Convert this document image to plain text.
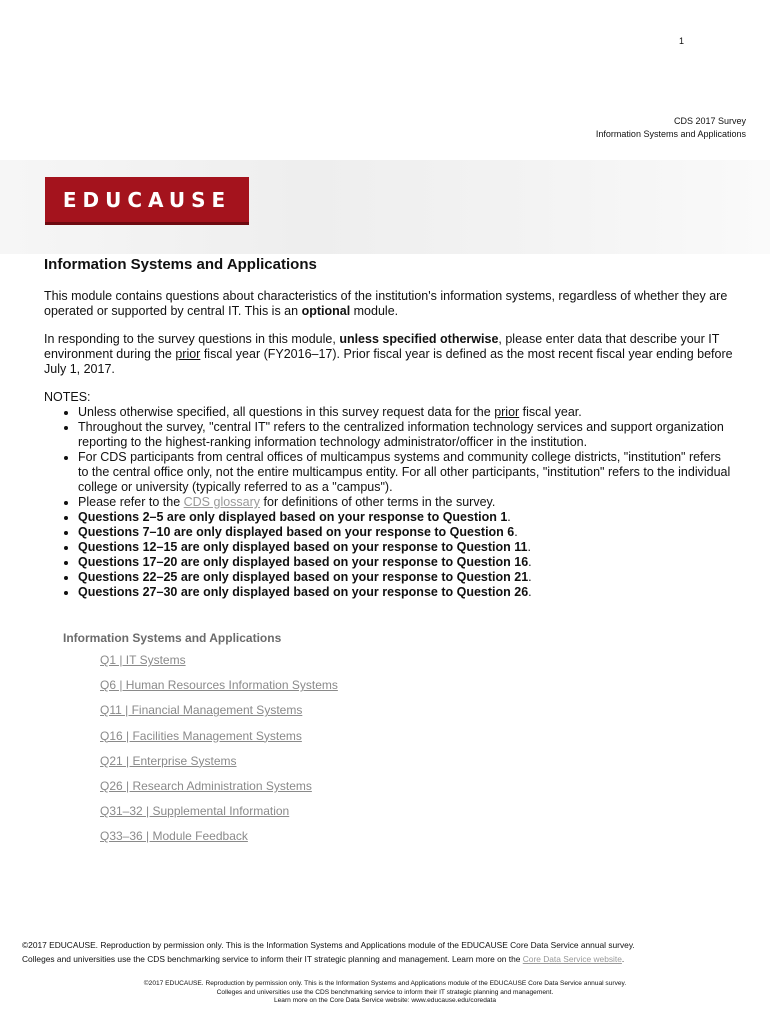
1
CDS 2017 Survey
Information Systems and Applications
EDUCAUSE
Information Systems and Applications

This module contains questions about characteristics of the institution's information systems, regardless of whether they are operated or supported by central IT. This is an optional module.

In responding to the survey questions in this module, unless specified otherwise, please enter data that describe your IT environment during the prior fiscal year (FY2016–17). Prior fiscal year is defined as the most recent fiscal year ending before July 1, 2017.

NOTES:
• Unless otherwise specified, all questions in this survey request data for the prior fiscal year.
• Throughout the survey, "central IT" refers to the centralized information technology services and support organization reporting to the highest-ranking information technology administrator/officer in the institution.
• For CDS participants from central offices of multicampus systems and community college districts, "institution" refers to the central office only, not the entire multicampus entity. For all other participants, "institution" refers to the individual college or university (typically referred to as a "campus").
• Please refer to the CDS glossary for definitions of other terms in the survey.
• Questions 2–5 are only displayed based on your response to Question 1.
• Questions 7–10 are only displayed based on your response to Question 6.
• Questions 12–15 are only displayed based on your response to Question 11.
• Questions 17–20 are only displayed based on your response to Question 16.
• Questions 22–25 are only displayed based on your response to Question 21.
• Questions 27–30 are only displayed based on your response to Question 26.
Information Systems and Applications
Q1 | IT Systems
Q6 | Human Resources Information Systems
Q11 | Financial Management Systems
Q16 | Facilities Management Systems
Q21 | Enterprise Systems
Q26 | Research Administration Systems
Q31–32 | Supplemental Information
Q33–36 | Module Feedback
©2017 EDUCAUSE. Reproduction by permission only. This is the Information Systems and Applications module of the EDUCAUSE Core Data Service annual survey.
Colleges and universities use the CDS benchmarking service to inform their IT strategic planning and management. Learn more on the Core Data Service website.
©2017 EDUCAUSE. Reproduction by permission only. This is the Information Systems and Applications module of the EDUCAUSE Core Data Service annual survey.
Colleges and universities use the CDS benchmarking service to inform their IT strategic planning and management.
Learn more on the Core Data Service website: www.educause.edu/coredata
